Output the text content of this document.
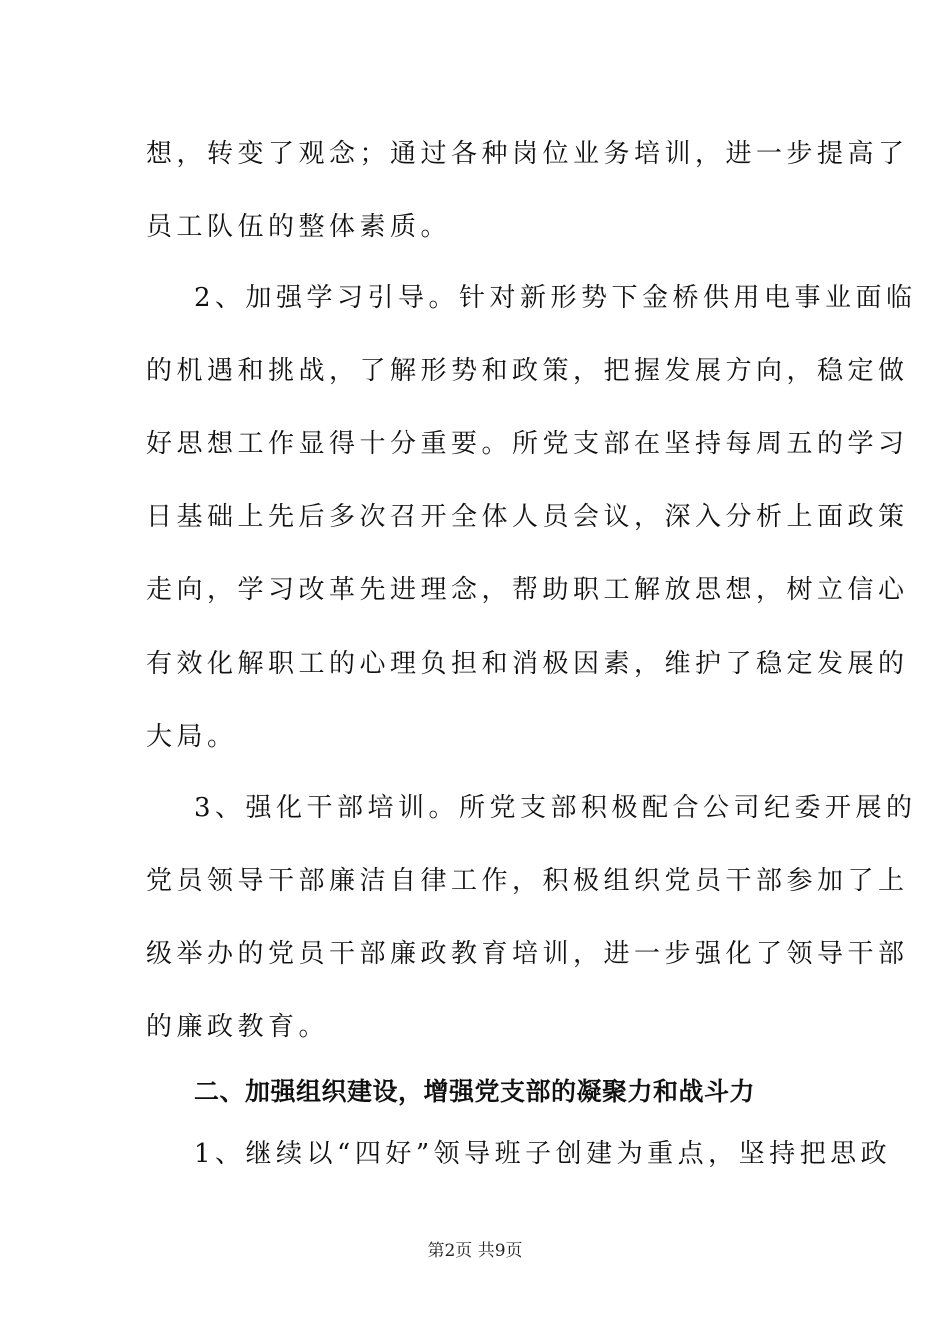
想，转变了观念；通过各种岗位业务培训，进一步提高了
员工队伍的整体素质。
2、加强学习引导。针对新形势下金桥供用电事业面临
的机遇和挑战，了解形势和政策，把握发展方向，稳定做
好思想工作显得十分重要。所党支部在坚持每周五的学习
日基础上先后多次召开全体人员会议，深入分析上面政策
走向，学习改革先进理念，帮助职工解放思想，树立信心
有效化解职工的心理负担和消极因素，维护了稳定发展的
大局。
3、强化干部培训。所党支部积极配合公司纪委开展的
党员领导干部廉洁自律工作，积极组织党员干部参加了上
级举办的党员干部廉政教育培训，进一步强化了领导干部
的廉政教育。
二、加强组织建设，增强党支部的凝聚力和战斗力
1、继续以“四好”领导班子创建为重点，坚持把思政
第2页 共9页
